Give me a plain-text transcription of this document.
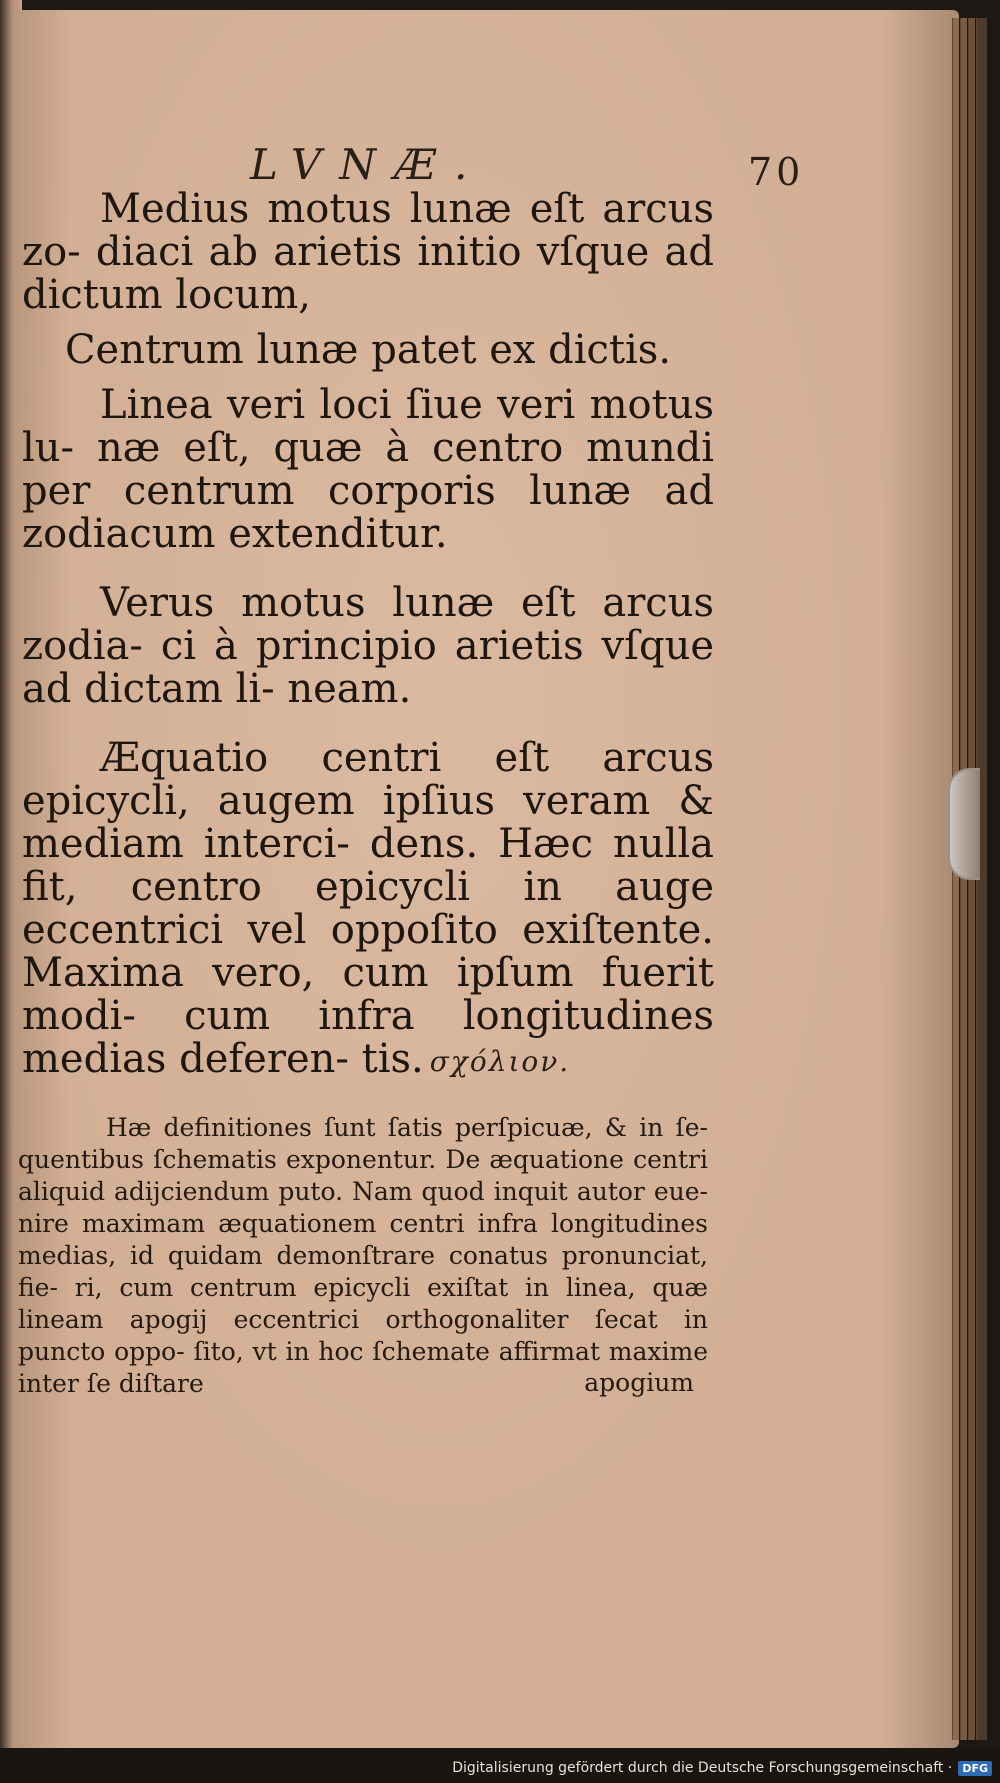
LVNÆ.	70

Medius motus lunæ eſt arcus zo- diaci ab arietis initio vſque ad dictum locum,

Centrum lunæ patet ex dictis.

Linea veri loci ſiue veri motus lu- næ eſt, quæ à centro mundi per centrum corporis lunæ ad zodiacum extenditur.

Verus motus lunæ eſt arcus zodia- ci à principio arietis vſque ad dictam li- neam.

Æquatio centri eſt arcus epicycli, augem ipſius veram & mediam interci- dens. Hæc nulla fit, centro epicycli in auge eccentrici vel oppoſito exiſtente. Maxima vero, cum ipſum fuerit modi- cum infra longitudines medias deferen- tis. σχόλιον.
Hæ definitiones ſunt ſatis perſpicuæ, & in ſe- quentibus ſchematis exponentur. De æquatione centri aliquid adijciendum puto. Nam quod inquit autor eue- nire maximam æquationem centri infra longitudines medias, id quidam demonſtrare conatus pronunciat, fie- ri, cum centrum epicycli exiſtat in linea, quæ lineam apogij eccentrici orthogonaliter ſecat in puncto oppo- ſito, vt in hoc ſchemate affirmat maxime inter ſe diſtare	apogium
Digitalisierung gefördert durch die Deutsche Forschungsgemeinschaft · DFG
